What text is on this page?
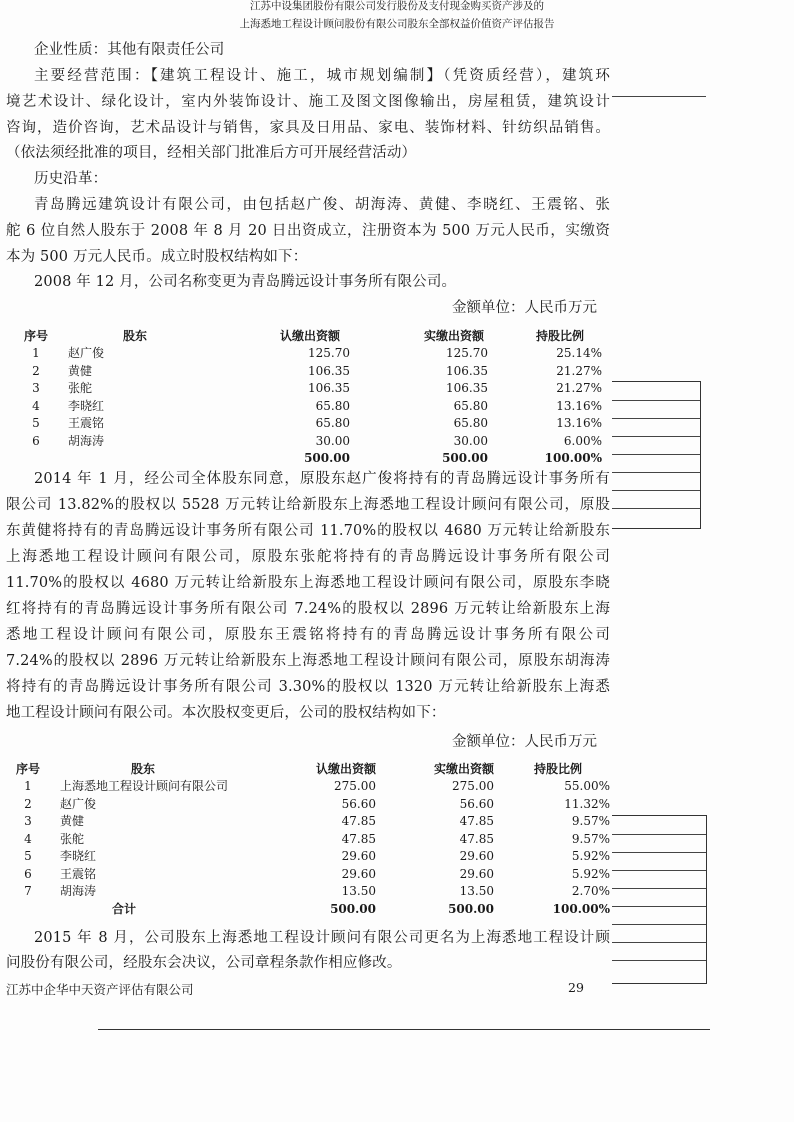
江苏中设集团股份有限公司发行股份及支付现金购买资产涉及的
上海悉地工程设计顾问股份有限公司股东全部权益价值资产评估报告
企业性质：其他有限责任公司
主要经营范围：【建筑工程设计、施工，城市规划编制】（凭资质经营），建筑环
境艺术设计、绿化设计，室内外装饰设计、施工及图文图像输出，房屋租赁，建筑设计
咨询，造价咨询，艺术品设计与销售，家具及日用品、家电、装饰材料、针纺织品销售。
（依法须经批准的项目，经相关部门批准后方可开展经营活动）
历史沿革：
青岛腾远建筑设计有限公司，由包括赵广俊、胡海涛、黄健、李晓红、王震铭、张
舵 6 位自然人股东于 2008 年 8 月 20 日出资成立，注册资本为 500 万元人民币，实缴资
本为 500 万元人民币。成立时股权结构如下：
2008 年 12 月，公司名称变更为青岛腾远设计事务所有限公司。
金额单位：人民币万元
序号	股东	认缴出资额	实缴出资额	持股比例
1	赵广俊	125.70	125.70	25.14%
2	黄健	106.35	106.35	21.27%
3	张舵	106.35	106.35	21.27%
4	李晓红	65.80	65.80	13.16%
5	王震铭	65.80	65.80	13.16%
6	胡海涛	30.00	30.00	6.00%
		500.00	500.00	100.00%
2014 年 1 月，经公司全体股东同意，原股东赵广俊将持有的青岛腾远设计事务所有
限公司 13.82%的股权以 5528 万元转让给新股东上海悉地工程设计顾问有限公司，原股
东黄健将持有的青岛腾远设计事务所有限公司 11.70%的股权以 4680 万元转让给新股东
上海悉地工程设计顾问有限公司，原股东张舵将持有的青岛腾远设计事务所有限公司
11.70%的股权以 4680 万元转让给新股东上海悉地工程设计顾问有限公司，原股东李晓
红将持有的青岛腾远设计事务所有限公司 7.24%的股权以 2896 万元转让给新股东上海
悉地工程设计顾问有限公司，原股东王震铭将持有的青岛腾远设计事务所有限公司
7.24%的股权以 2896 万元转让给新股东上海悉地工程设计顾问有限公司，原股东胡海涛
将持有的青岛腾远设计事务所有限公司 3.30%的股权以 1320 万元转让给新股东上海悉
地工程设计顾问有限公司。本次股权变更后，公司的股权结构如下：
金额单位：人民币万元
序号	股东	认缴出资额	实缴出资额	持股比例
1	上海悉地工程设计顾问有限公司	275.00	275.00	55.00%
2	赵广俊	56.60	56.60	11.32%
3	黄健	47.85	47.85	9.57%
4	张舵	47.85	47.85	9.57%
5	李晓红	29.60	29.60	5.92%
6	王震铭	29.60	29.60	5.92%
7	胡海涛	13.50	13.50	2.70%
	合计	500.00	500.00	100.00%
2015 年 8 月，公司股东上海悉地工程设计顾问有限公司更名为上海悉地工程设计顾
问股份有限公司，经股东会决议，公司章程条款作相应修改。
江苏中企华中天资产评估有限公司	29
